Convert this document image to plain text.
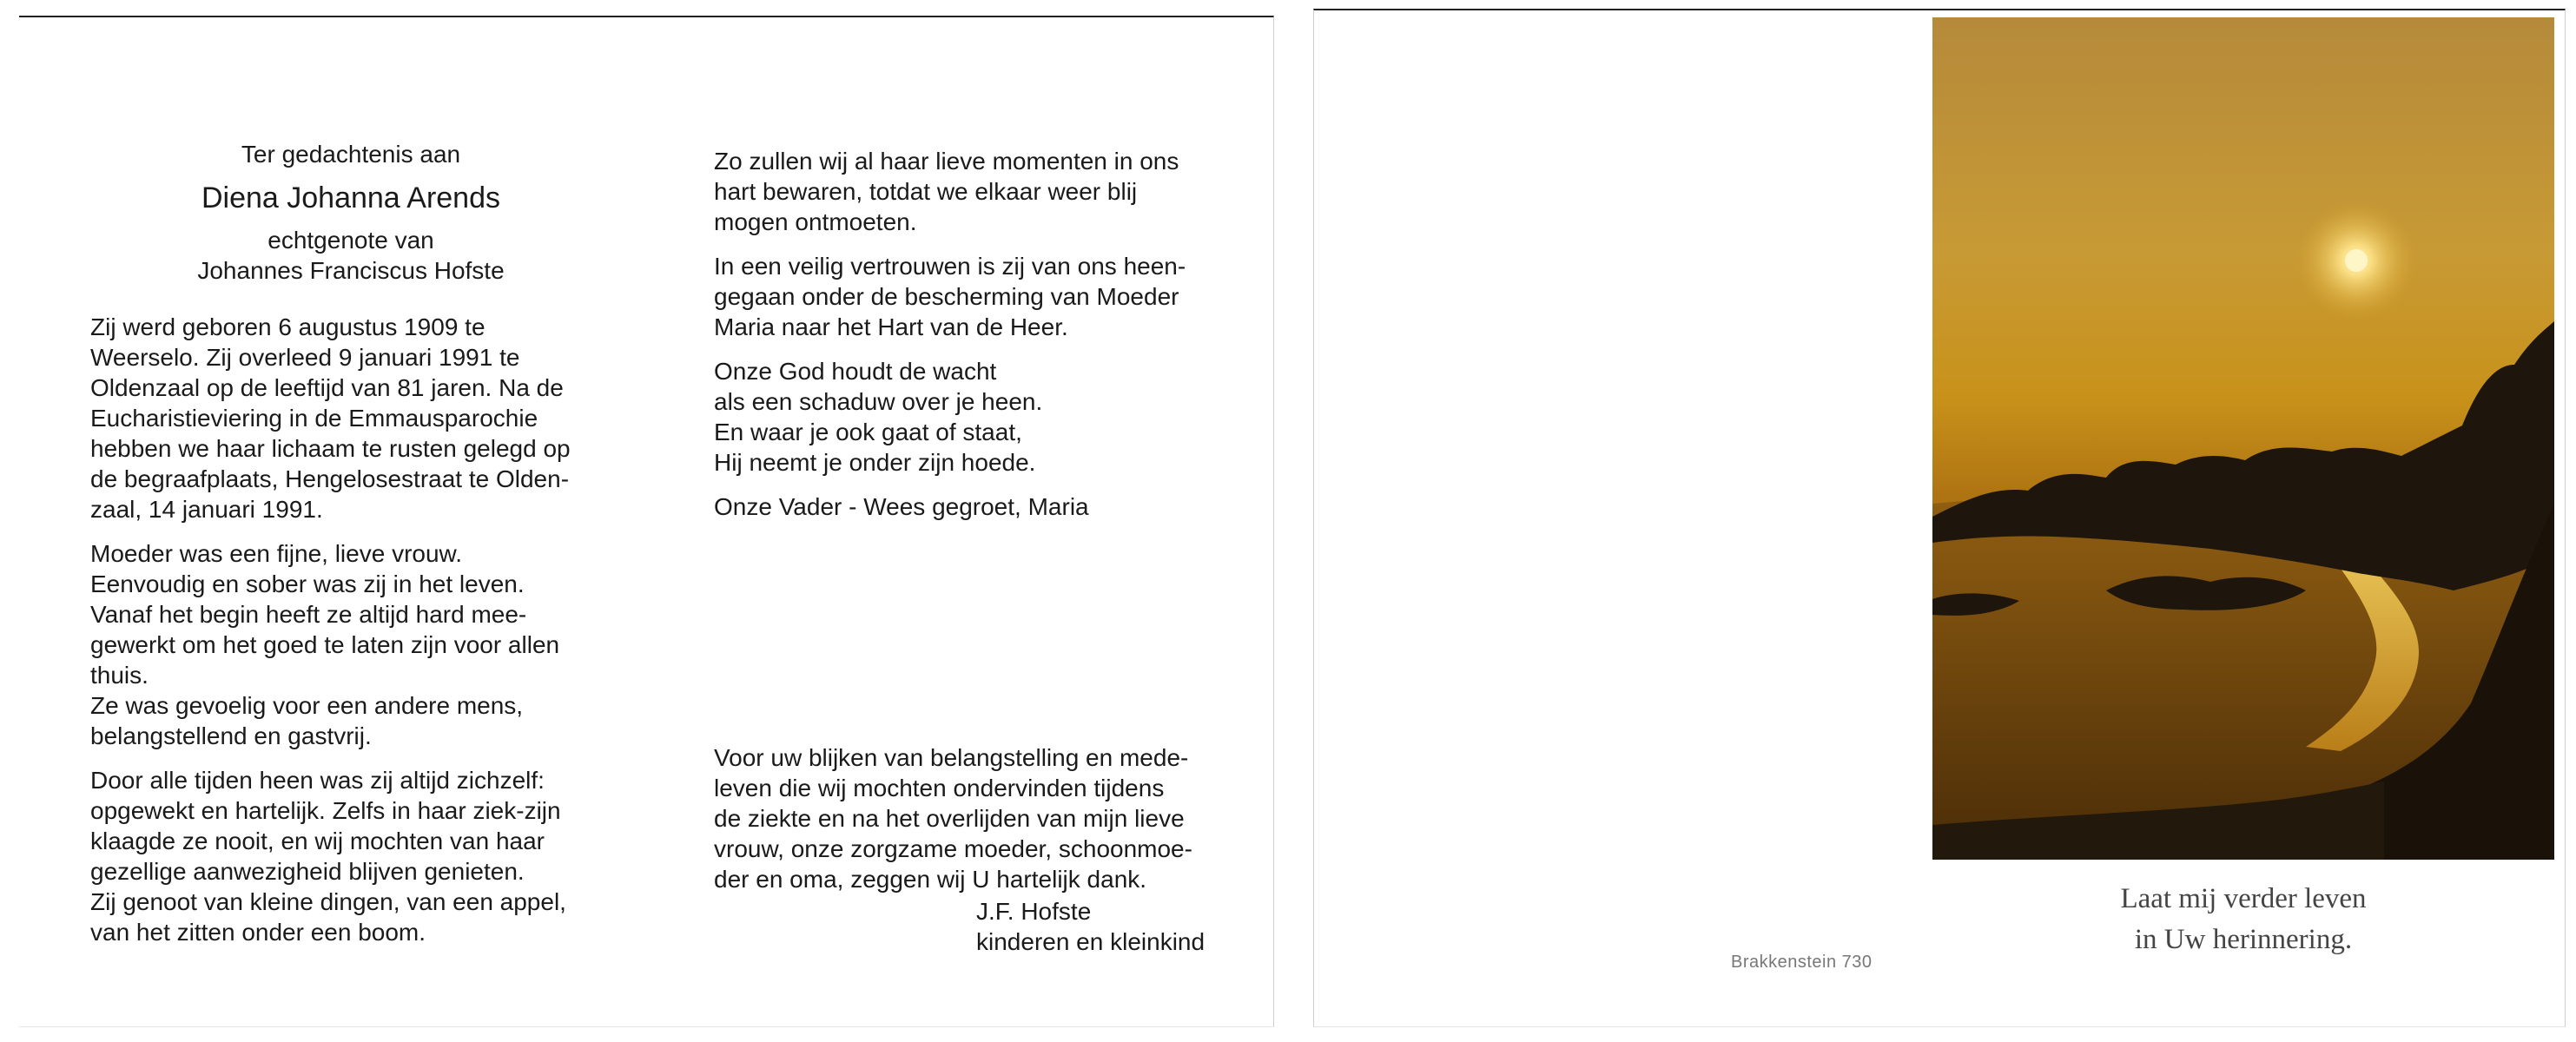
Ter gedachtenis aan

Diena Johanna Arends

echtgenote van

Johannes Franciscus Hofste

Zij werd geboren 6 augustus 1909 te

Weerselo. Zij overleed 9 januari 1991 te

Oldenzaal op de leeftijd van 81 jaren. Na de

Eucharistieviering in de Emmausparochie

hebben we haar lichaam te rusten gelegd op

de begraafplaats, Hengelosestraat te Olden-

zaal, 14 januari 1991.

Moeder was een fijne, lieve vrouw.

Eenvoudig en sober was zij in het leven.

Vanaf het begin heeft ze altijd hard mee-

gewerkt om het goed te laten zijn voor allen

thuis.

Ze was gevoelig voor een andere mens,

belangstellend en gastvrij.

Door alle tijden heen was zij altijd zichzelf:

opgewekt en hartelijk. Zelfs in haar ziek-zijn

klaagde ze nooit, en wij mochten van haar

gezellige aanwezigheid blijven genieten.

Zij genoot van kleine dingen, van een appel,

van het zitten onder een boom.

Zo zullen wij al haar lieve momenten in ons

hart bewaren, totdat we elkaar weer blij

mogen ontmoeten.

In een veilig vertrouwen is zij van ons heen-

gegaan onder de bescherming van Moeder

Maria naar het Hart van de Heer.

Onze God houdt de wacht

als een schaduw over je heen.

En waar je ook gaat of staat,

Hij neemt je onder zijn hoede.

Onze Vader - Wees gegroet, Maria

Voor uw blijken van belangstelling en mede-

leven die wij mochten ondervinden tijdens

de ziekte en na het overlijden van mijn lieve

vrouw, onze zorgzame moeder, schoonmoe-

der en oma, zeggen wij U hartelijk dank.

J.F. Hofste

kinderen en kleinkind

Laat mij verder leven
in Uw herinnering.
Brakkenstein 730
